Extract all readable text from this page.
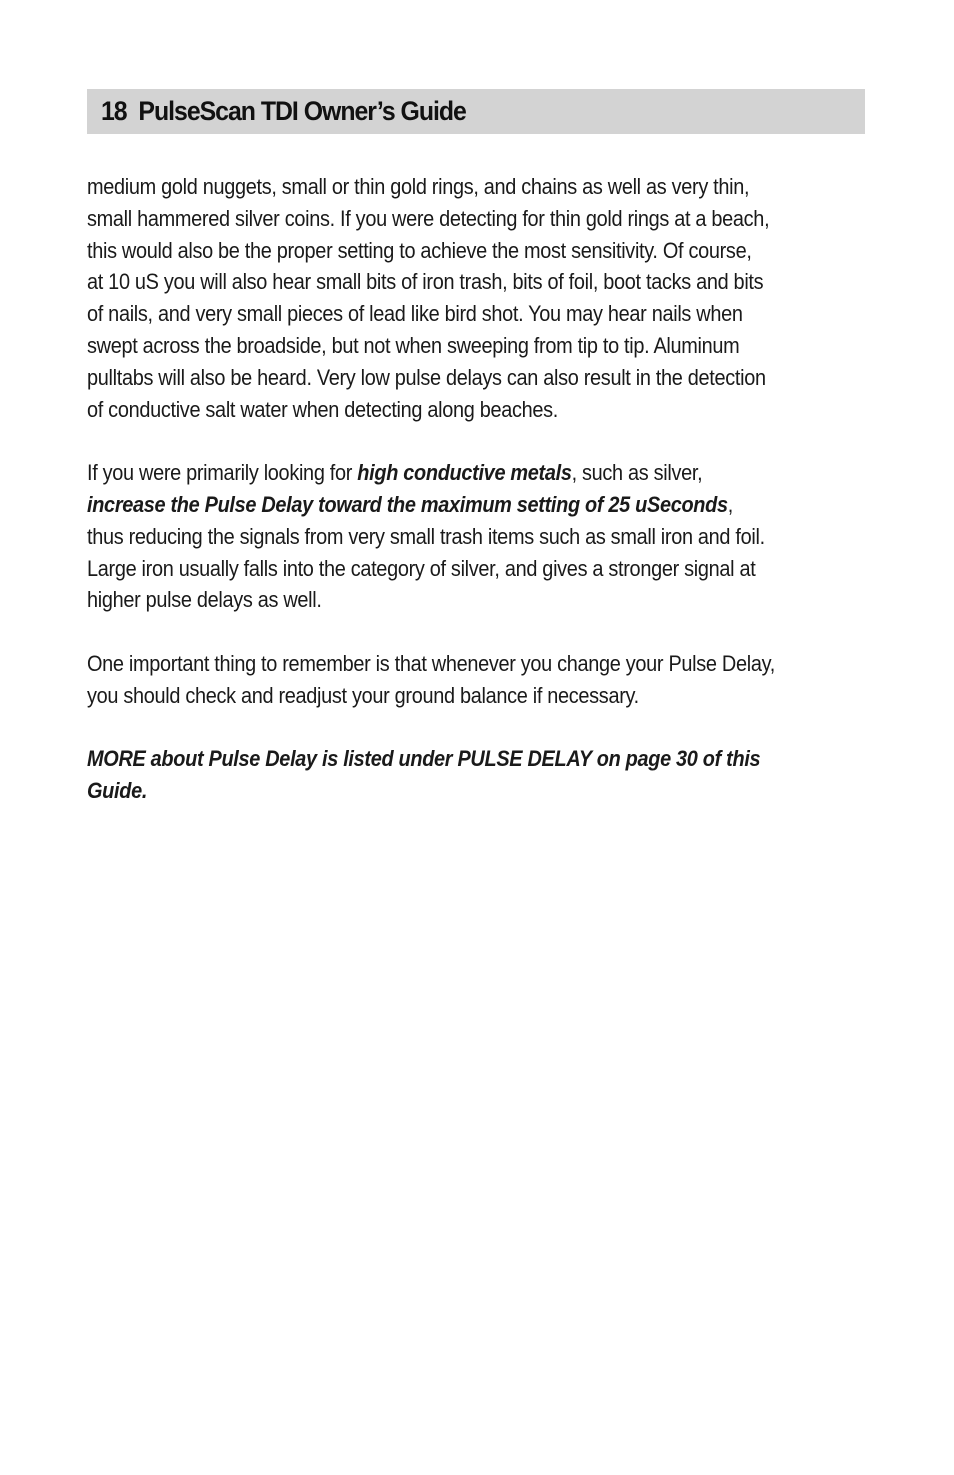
18 PulseScan TDI Owner’s Guide
medium gold nuggets, small or thin gold rings, and chains as well as very thin,
small hammered silver coins. If you were detecting for thin gold rings at a beach,
this would also be the proper setting to achieve the most sensitivity. Of course,
at 10 uS you will also hear small bits of iron trash, bits of foil, boot tacks and bits
of nails, and very small pieces of lead like bird shot. You may hear nails when
swept across the broadside, but not when sweeping from tip to tip. Aluminum
pulltabs will also be heard. Very low pulse delays can also result in the detection
of conductive salt water when detecting along beaches.
If you were primarily looking for high conductive metals, such as silver,
increase the Pulse Delay toward the maximum setting of 25 uSeconds,
thus reducing the signals from very small trash items such as small iron and foil.
Large iron usually falls into the category of silver, and gives a stronger signal at
higher pulse delays as well.
One important thing to remember is that whenever you change your Pulse Delay,
you should check and readjust your ground balance if necessary.
MORE about Pulse Delay is listed under PULSE DELAY on page 30 of this
Guide.
